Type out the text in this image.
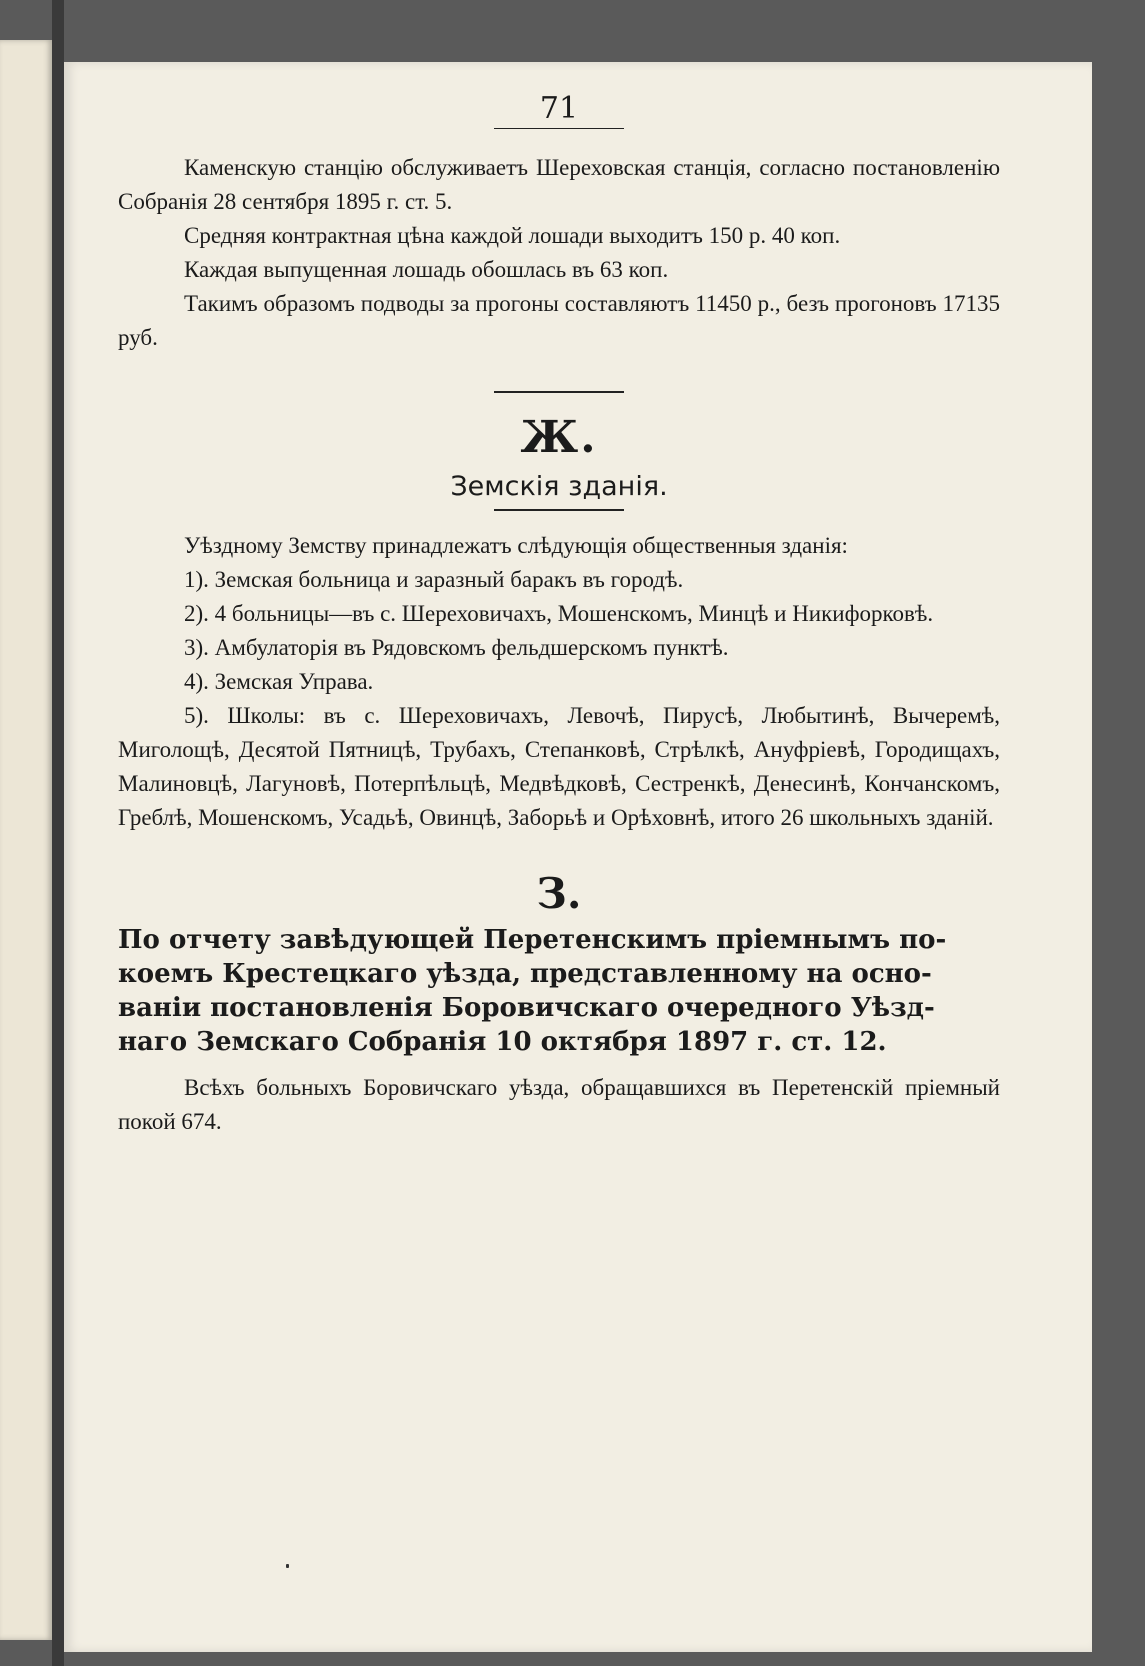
71

Каменскую станцію обслуживаетъ Шереховская станція, согласно постановленію Собранія 28 сентября 1895 г. ст. 5.

Средняя контрактная цѣна каждой лошади выходитъ 150 р. 40 коп.

Каждая выпущенная лошадь обошлась въ 63 коп.

Такимъ образомъ подводы за прогоны составляютъ 11450 р., безъ прогоновъ 17135 руб.

Ж.
Земскія зданія.

Уѣздному Земству принадлежатъ слѣдующія общественныя зданія:

1). Земская больница и заразный баракъ въ городѣ.

2). 4 больницы—въ с. Шереховичахъ, Мошенскомъ, Минцѣ и Никифорковѣ.

3). Амбулаторія въ Рядовскомъ фельдшерскомъ пунктѣ.

4). Земская Управа.

5). Школы: въ с. Шереховичахъ, Левочѣ, Пирусѣ, Любытинѣ, Вычеремѣ, Миголощѣ, Десятой Пятницѣ, Трубахъ, Степанковѣ, Стрѣлкѣ, Ануфріевѣ, Городищахъ, Малиновцѣ, Лагуновѣ, Потерпѣльцѣ, Медвѣдковѣ, Сестренкѣ, Денесинѣ, Кончанскомъ, Греблѣ, Мошенскомъ, Усадьѣ, Овинцѣ, Заборьѣ и Орѣховнѣ, итого 26 школьныхъ зданій.

З.
По отчету завѣдующей Перетенскимъ пріемнымъ по-
коемъ Крестецкаго уѣзда, представленному на осно-
ваніи постановленія Боровичскаго очередного Уѣзд-
наго Земскаго Собранія 10 октября 1897 г. ст. 12.

Всѣхъ больныхъ Боровичскаго уѣзда, обращавшихся въ Перетенскій пріемный покой 674.
